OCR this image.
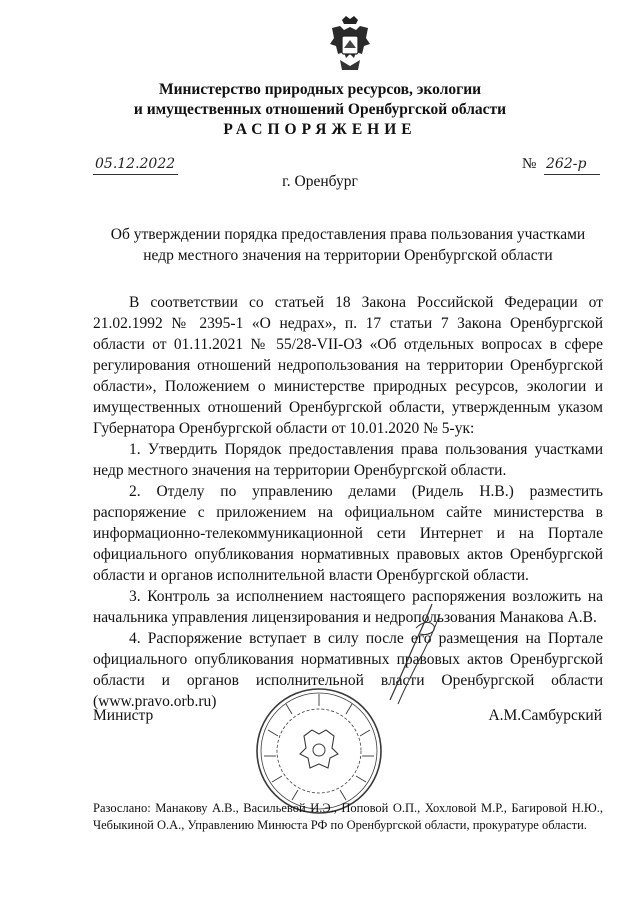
Министерство природных ресурсов, экологии
и имущественных отношений Оренбургской области
РАСПОРЯЖЕНИЕ
05.12.2022	№ 262-р
г. Оренбург
Об утверждении порядка предоставления права пользования участками
недр местного значения на территории Оренбургской области

В соответствии со статьей 18 Закона Российской Федерации от 21.02.1992 № 2395-1 «О недрах», п. 17 статьи 7 Закона Оренбургской области от 01.11.2021 № 55/28-VII-ОЗ «Об отдельных вопросах в сфере регулирования отношений недропользования на территории Оренбургской области», Положением о министерстве природных ресурсов, экологии и имущественных отношений Оренбургской области, утвержденным указом Губернатора Оренбургской области от 10.01.2020 № 5-ук:

1. Утвердить Порядок предоставления права пользования участками недр местного значения на территории Оренбургской области.

2. Отделу по управлению делами (Ридель Н.В.) разместить распоряжение с приложением на официальном сайте министерства в информационно-телекоммуникационной сети Интернет и на Портале официального опубликования нормативных правовых актов Оренбургской области и органов исполнительной власти Оренбургской области.

3. Контроль за исполнением настоящего распоряжения возложить на начальника управления лицензирования и недропользования Манакова А.В.

4. Распоряжение вступает в силу после его размещения на Портале официального опубликования нормативных правовых актов Оренбургской области и органов исполнительной власти Оренбургской области (www.pravo.orb.ru)

Министр	А.М.Самбурский
Разослано: Манакову А.В., Васильевой И.Э., Поповой О.П., Хохловой М.Р., Багировой Н.Ю., Чебыкиной О.А., Управлению Минюста РФ по Оренбургской области, прокуратуре области.
